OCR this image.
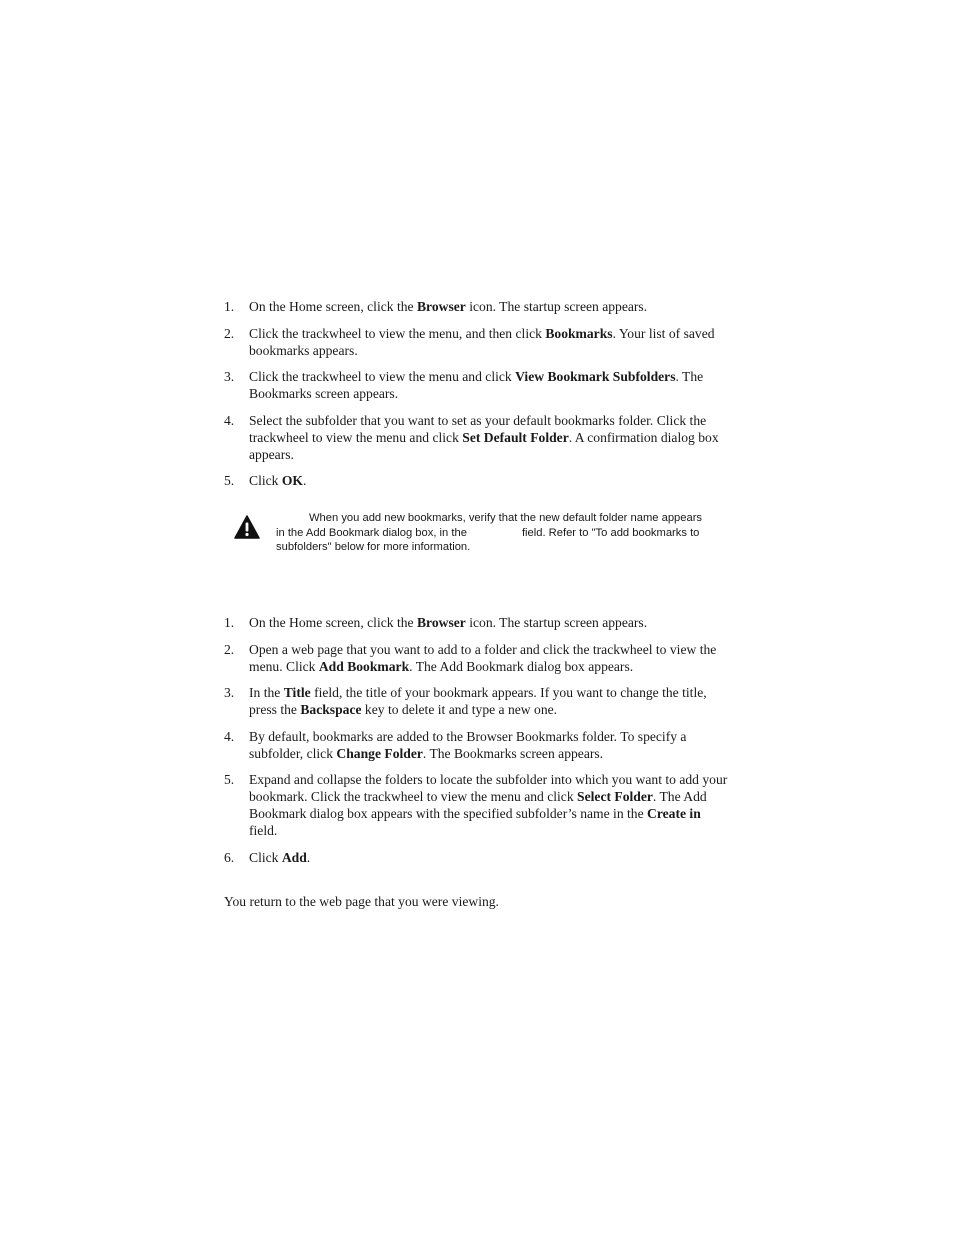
1. On the Home screen, click the Browser icon. The startup screen appears.
2. Click the trackwheel to view the menu, and then click Bookmarks. Your list of saved bookmarks appears.
3. Click the trackwheel to view the menu and click View Bookmark Subfolders. The Bookmarks screen appears.
4. Select the subfolder that you want to set as your default bookmarks folder. Click the trackwheel to view the menu and click Set Default Folder. A confirmation dialog box appears.
5. Click OK.
When you add new bookmarks, verify that the new default folder name appears
in the Add Bookmark dialog box, in the	field. Refer to "To add bookmarks to
subfolders" below for more information.
1. On the Home screen, click the Browser icon. The startup screen appears.
2. Open a web page that you want to add to a folder and click the trackwheel to view the menu. Click Add Bookmark. The Add Bookmark dialog box appears.
3. In the Title field, the title of your bookmark appears. If you want to change the title, press the Backspace key to delete it and type a new one.
4. By default, bookmarks are added to the Browser Bookmarks folder. To specify a subfolder, click Change Folder. The Bookmarks screen appears.
5. Expand and collapse the folders to locate the subfolder into which you want to add your bookmark. Click the trackwheel to view the menu and click Select Folder. The Add Bookmark dialog box appears with the specified subfolder’s name in the Create in field.
6. Click Add.
You return to the web page that you were viewing.
